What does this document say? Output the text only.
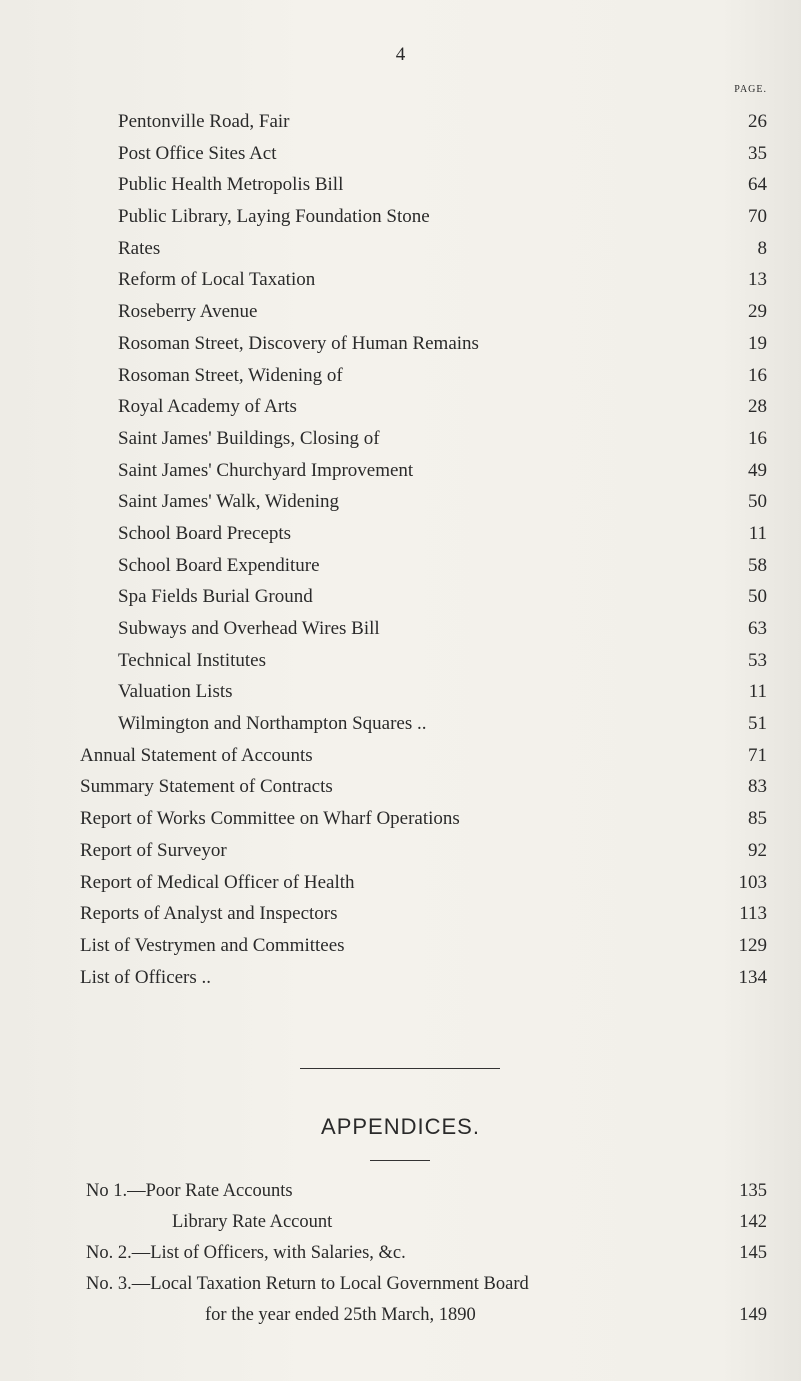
4
PAGE.
Pentonville Road, Fair	26
Post Office Sites Act	35
Public Health Metropolis Bill	64
Public Library, Laying Foundation Stone	70
Rates	8
Reform of Local Taxation	13
Roseberry Avenue	29
Rosoman Street, Discovery of Human Remains	19
Rosoman Street, Widening of	16
Royal Academy of Arts	28
Saint James' Buildings, Closing of	16
Saint James' Churchyard Improvement	49
Saint James' Walk, Widening	50
School Board Precepts	11
School Board Expenditure	58
Spa Fields Burial Ground	50
Subways and Overhead Wires Bill	63
Technical Institutes	53
Valuation Lists	11
Wilmington and Northampton Squares ..	51
Annual Statement of Accounts	71
Summary Statement of Contracts	83
Report of Works Committee on Wharf Operations	85
Report of Surveyor	92
Report of Medical Officer of Health	103
Reports of Analyst and Inspectors	113
List of Vestrymen and Committees	129
List of Officers ..	134
APPENDICES.
No 1.—Poor Rate Accounts	135
Library Rate Account	142
No. 2.—List of Officers, with Salaries, &c.	145
No. 3.—Local Taxation Return to Local Government Board
for the year ended 25th March, 1890	149
